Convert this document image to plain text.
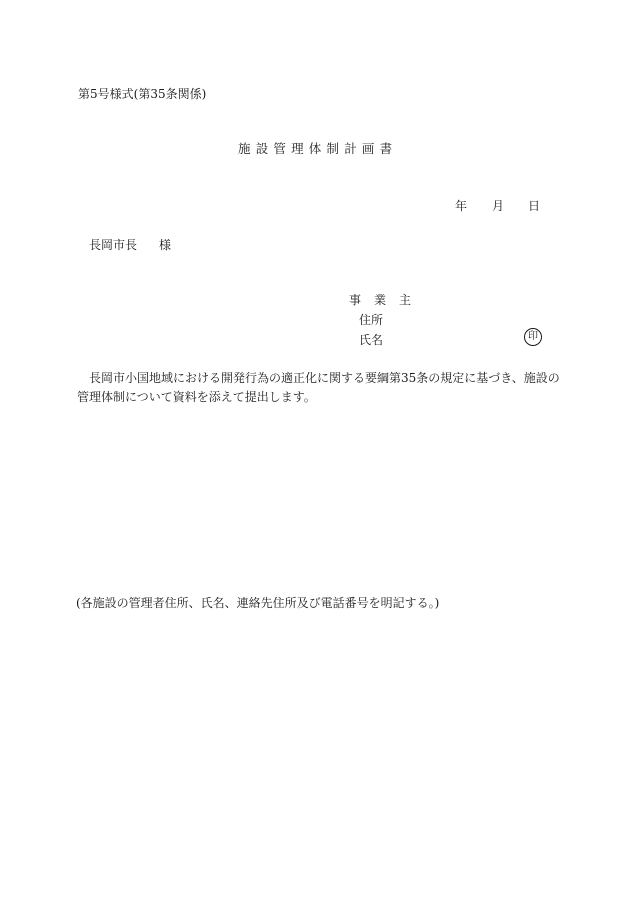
第5号様式(第35条関係)
施設管理体制計画書
年 月 日
長岡市長 様
事業主
住所
氏名	印
長岡市小国地域における開発行為の適正化に関する要綱第35条の規定に基づき、施設の
管理体制について資料を添えて提出します。
(各施設の管理者住所、氏名、連絡先住所及び電話番号を明記する。)
